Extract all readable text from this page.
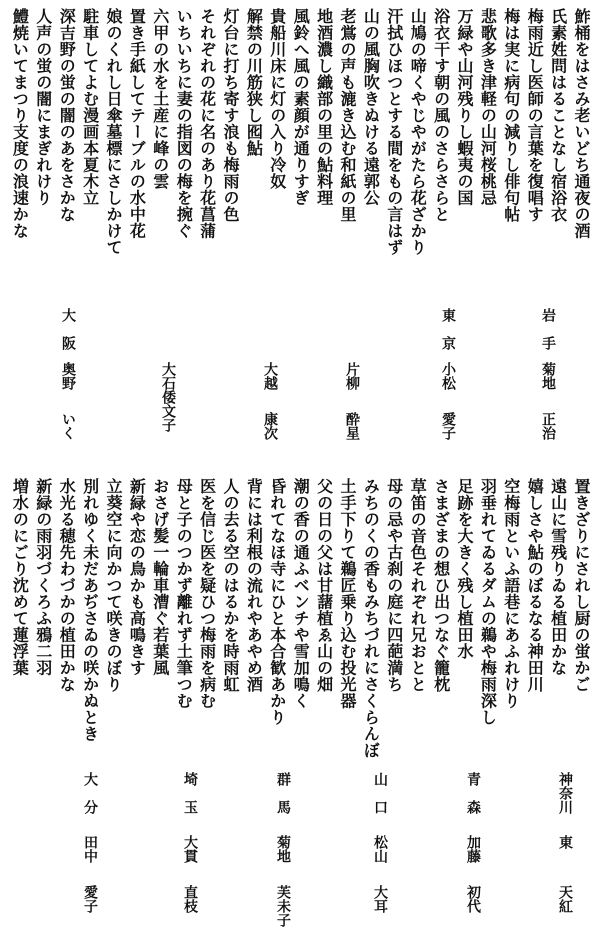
鮓桶をはさみ老いどち通夜の酒
氏素姓問はることなし宿浴衣
梅雨近し医師の言葉を復唱す
梅は実に病句の減りし俳句帖
悲歌多き津軽の山河桜桃忌
万緑や山河残りし蝦夷の国
浴衣干す朝の風のさらさらと
山鳩の啼くやじやがたら花ざかり
汗拭ひほつとする間をもの言はず
山の風胸吹きぬける遠郭公
老鴬の声も漉き込む和紙の里
地酒濃し織部の里の鮎料理
風鈴へ風の素顔が通りすぎ
貴船川床に灯の入り冷奴
解禁の川筋狭し囮鮎
灯台に打ち寄す浪も梅雨の色
それぞれの花に名のあり花菖蒲
いちいちに妻の指図の梅を捥ぐ
六甲の水を土産に峰の雲
置き手紙してテーブルの水中花
娘のくれし日傘墓標にさしかけて
駐車してよむ漫画本夏木立
深吉野の蛍の闇のあをさかな
人声の蛍の闇にまぎれけり
鱧焼いてまつり支度の浪速かな
岩手
菊地
正治
東京
小松
愛子
片柳
酔星
大越
康次
大石倭文子
大阪
奥野
いく
置きざりにされし厨の蛍かご
遠山に雪残りゐる植田かな
嬉しさや鮎のぼるなる神田川
空梅雨といふ語巷にあふれけり
羽垂れてゐるダムの鵜や梅雨深し
足跡を大きく残し植田水
さまざまの想ひ出つなぐ籠枕
草笛の音色それぞれ兄おとと
母の忌や古刹の庭に四葩満ち
みちのくの香もみちづれにさくらんぼ
土手下りて鵜匠乗り込む投光器
父の日の父は甘藷植ゑ山の畑
潮の香の通ふベンチや雪加鳴く
昏れてなほ寺にひと本合歓あかり
背には利根の流れやあやめ酒
人の去る空のはるかを時雨虹
医を信じ医を疑ひつ梅雨を病む
母と子のつかず離れず土筆つむ
おさげ髪一輪車漕ぐ若葉風
新緑や恋の鳥かも高鳴きす
立葵空に向かつて咲きのぼり
別れゆく未だあぢさゐの咲かぬとき
水光る穂先わづかの植田かな
新緑の雨羽づくろふ鴉二羽
増水のにごり沈めて蓮浮葉
神奈川
東
天紅
青森
加藤
初代
山口
松山
大耳
群馬
菊地
芙未子
埼玉
大貫
直枝
大分
田中
愛子
